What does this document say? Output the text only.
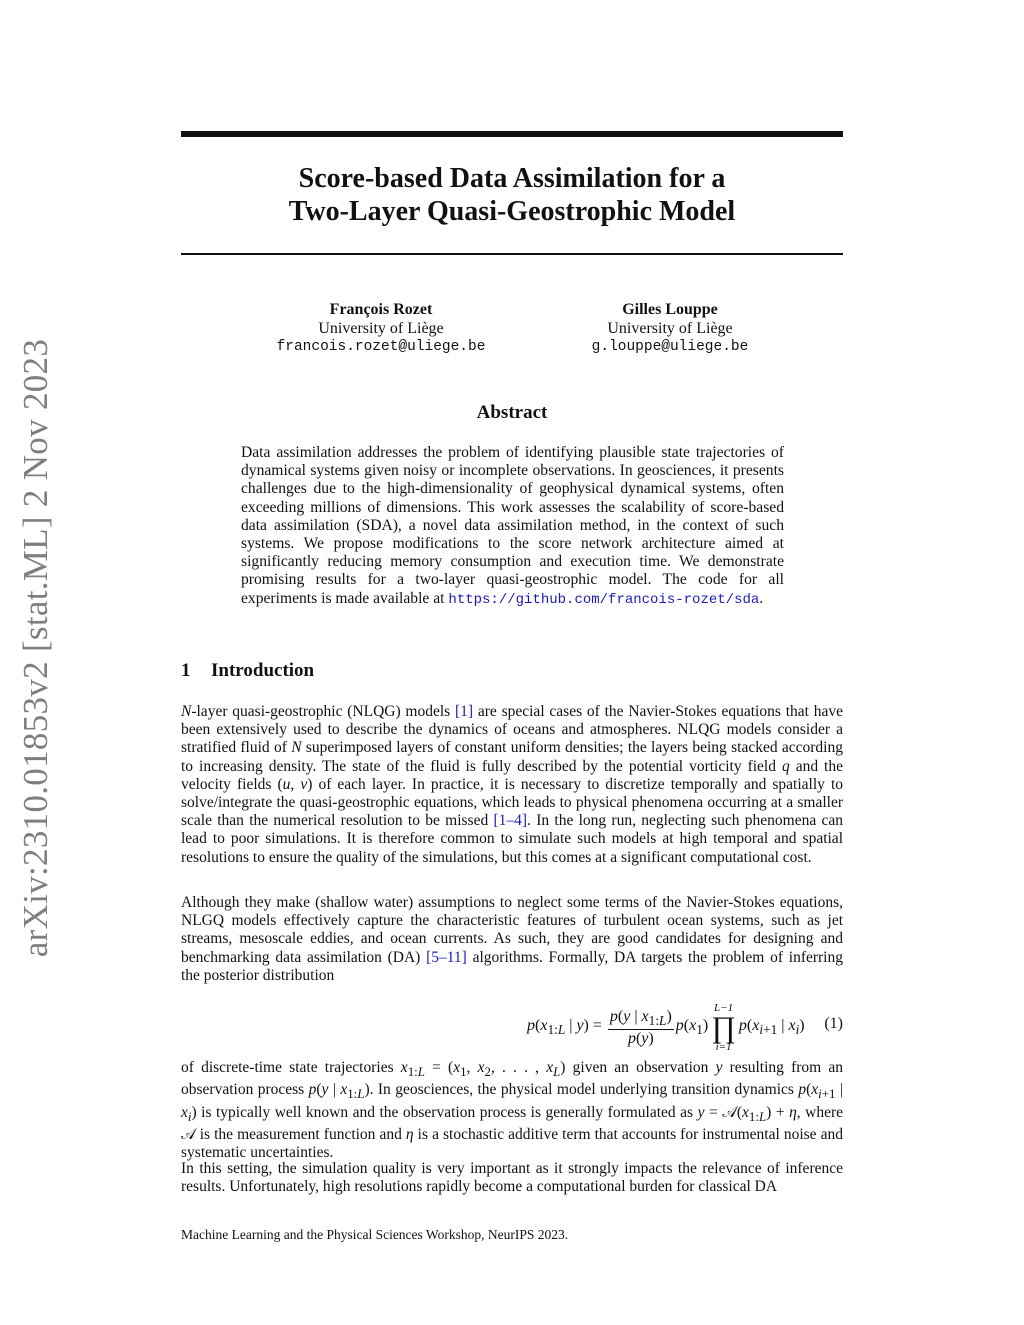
Score-based Data Assimilation for a
Two-Layer Quasi-Geostrophic Model
arXiv:2310.01853v2 [stat.ML] 2 Nov 2023
François Rozet
University of Liège
francois.rozet@uliege.be
Gilles Louppe
University of Liège
g.louppe@uliege.be
Abstract
Data assimilation addresses the problem of identifying plausible state trajectories of dynamical systems given noisy or incomplete observations. In geosciences, it presents challenges due to the high-dimensionality of geophysical dynamical systems, often exceeding millions of dimensions. This work assesses the scalability of score-based data assimilation (SDA), a novel data assimilation method, in the context of such systems. We propose modifications to the score network architecture aimed at significantly reducing memory consumption and execution time. We demonstrate promising results for a two-layer quasi-geostrophic model. The code for all experiments is made available at https://github.com/francois-rozet/sda.
1 Introduction
N-layer quasi-geostrophic (NLQG) models [1] are special cases of the Navier-Stokes equations that have been extensively used to describe the dynamics of oceans and atmospheres. NLQG models consider a stratified fluid of N superimposed layers of constant uniform densities; the layers being stacked according to increasing density. The state of the fluid is fully described by the potential vorticity field q and the velocity fields (u, v) of each layer. In practice, it is necessary to discretize temporally and spatially to solve/integrate the quasi-geostrophic equations, which leads to physical phenomena occurring at a smaller scale than the numerical resolution to be missed [1–4]. In the long run, neglecting such phenomena can lead to poor simulations. It is therefore common to simulate such models at high temporal and spatial resolutions to ensure the quality of the simulations, but this comes at a significant computational cost.
Although they make (shallow water) assumptions to neglect some terms of the Navier-Stokes equations, NLGQ models effectively capture the characteristic features of turbulent ocean systems, such as jet streams, mesoscale eddies, and ocean currents. As such, they are good candidates for designing and benchmarking data assimilation (DA) [5–11] algorithms. Formally, DA targets the problem of inferring the posterior distribution
$p(x_{1:L}$ | $y) = \frac{p(y | x_{1:L})}{p(y)} p(x_1)$
L−1
∏
i=1
$p(x_{i+1}$ | $x_i$) (1)
of discrete-time state trajectories $x_{1:L} = (x_1$, $x_2$, . . . , $x_L$) given an observation y resulting from an observation process p(y | $x_{1:L}$). In geosciences, the physical model underlying transition dynamics $p(x_{i+1}$ | $x_i$) is typically well known and the observation process is generally formulated as $y = 𝒜(x_{1:L}) + \eta$, where 𝒜 is the measurement function and η is a stochastic additive term that accounts for instrumental noise and systematic uncertainties.
In this setting, the simulation quality is very important as it strongly impacts the relevance of inference results. Unfortunately, high resolutions rapidly become a computational burden for classical DA
Machine Learning and the Physical Sciences Workshop, NeurIPS 2023.
